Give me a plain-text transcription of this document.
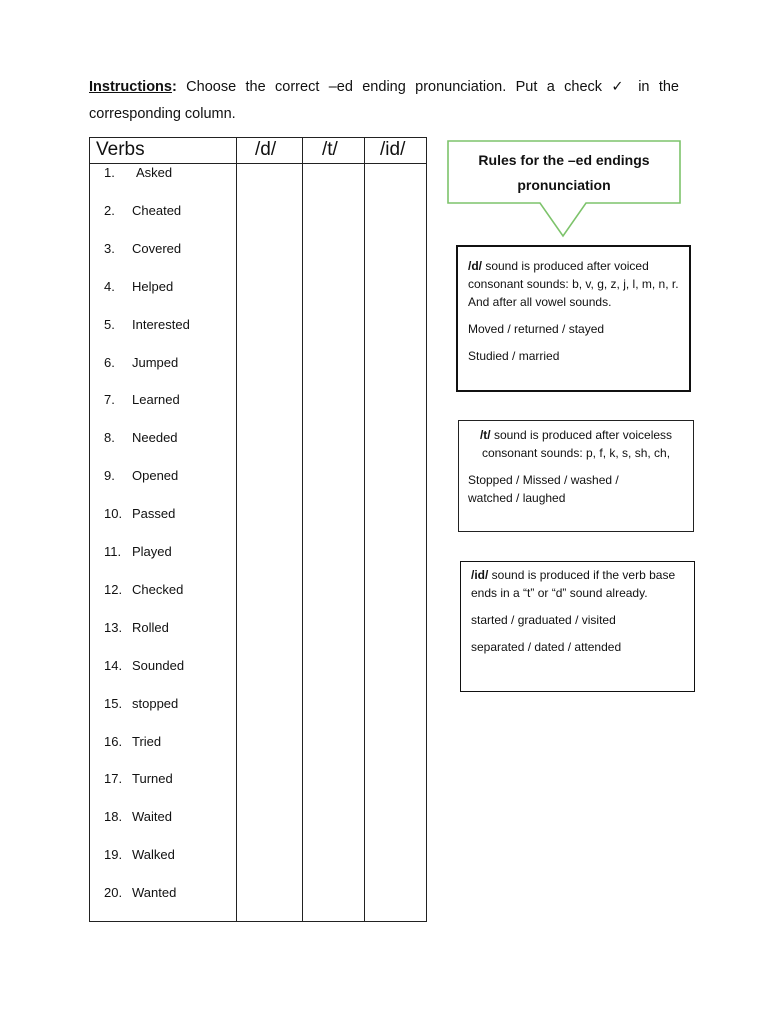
Instructions: Choose the correct –ed ending pronunciation. Put a check ✓ in the corresponding column.
Verbs	/d/ /t/ /id/
1. Asked
2. Cheated
3. Covered
4. Helped
5. Interested
6. Jumped
7. Learned
8. Needed
9. Opened
10. Passed
11. Played
12. Checked
13. Rolled
14. Sounded
15. stopped
16. Tried
17. Turned
18. Waited
19. Walked
20. Wanted
Rules for the –ed endings
pronunciation

/d/ sound is produced after voiced consonant sounds: b, v, g, z, j, l, m, n, r. And after all vowel sounds.

Moved / returned / stayed

Studied / married

/t/ sound is produced after voiceless consonant sounds: p, f, k, s, sh, ch,

Stopped / Missed / washed /

watched / laughed

/id/ sound is produced if the verb base ends in a “t” or “d” sound already.

started / graduated / visited

separated / dated / attended
